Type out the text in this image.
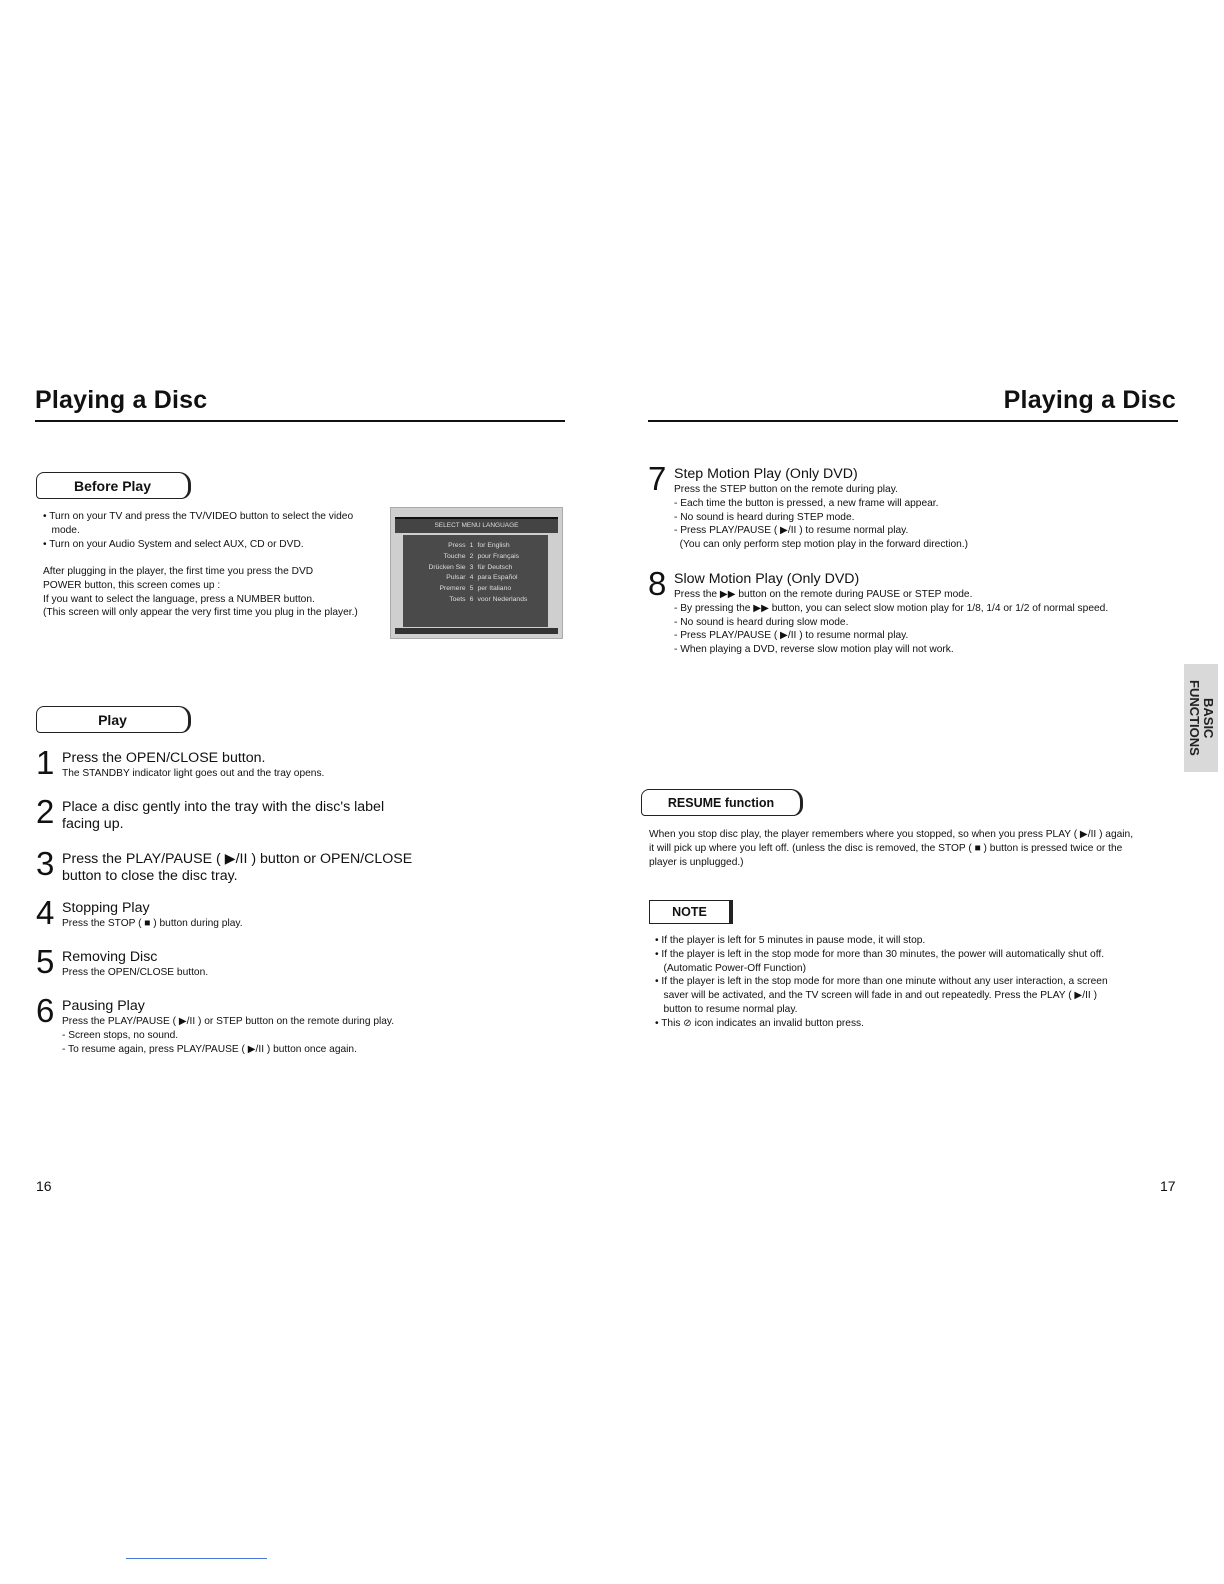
Playing a Disc
Before Play

• Turn on your TV and press the TV/VIDEO button to select the video

mode.

• Turn on your Audio System and select AUX, CD or DVD.

After plugging in the player, the first time you press the DVD

POWER button, this screen comes up :

If you want to select the language, press a NUMBER button.

(This screen will only appear the very first time you plug in the player.)

SELECT MENU LANGUAGE
Press 1 for English
Touche 2 pour Français
Drücken Sie 3 für Deutsch
Pulsar 4 para Español
Premere 5 per Italiano
Toets 6 voor Nederlands
Play
1 Press the OPEN/CLOSE button.
The STANDBY indicator light goes out and the tray opens.
2 Place a disc gently into the tray with the disc's label
facing up.
3 Press the PLAY/PAUSE ( ▶/II ) button or OPEN/CLOSE
button to close the disc tray.
4 Stopping Play
Press the STOP ( ■ ) button during play.
5 Removing Disc
Press the OPEN/CLOSE button.
6 Pausing Play
Press the PLAY/PAUSE ( ▶/II ) or STEP button on the remote during play.
- Screen stops, no sound.
- To resume again, press PLAY/PAUSE ( ▶/II ) button once again.
16
Playing a Disc
7 Step Motion Play (Only DVD)
Press the STEP button on the remote during play.
- Each time the button is pressed, a new frame will appear.
- No sound is heard during STEP mode.
- Press PLAY/PAUSE ( ▶/II ) to resume normal play.
(You can only perform step motion play in the forward direction.)
8 Slow Motion Play (Only DVD)
Press the ▶▶ button on the remote during PAUSE or STEP mode.
- By pressing the ▶▶ button, you can select slow motion play for 1/8, 1/4 or 1/2 of normal speed.
- No sound is heard during slow mode.
- Press PLAY/PAUSE ( ▶/II ) to resume normal play.
- When playing a DVD, reverse slow motion play will not work.
BASIC FUNCTIONS
RESUME function

When you stop disc play, the player remembers where you stopped, so when you press PLAY ( ▶/II ) again,

it will pick up where you left off. (unless the disc is removed, the STOP ( ■ ) button is pressed twice or the

player is unplugged.)

NOTE

• If the player is left for 5 minutes in pause mode, it will stop.

• If the player is left in the stop mode for more than 30 minutes, the power will automatically shut off.

(Automatic Power-Off Function)

• If the player is left in the stop mode for more than one minute without any user interaction, a screen

saver will be activated, and the TV screen will fade in and out repeatedly. Press the PLAY ( ▶/II )

button to resume normal play.

• This ⊘ icon indicates an invalid button press.

17
